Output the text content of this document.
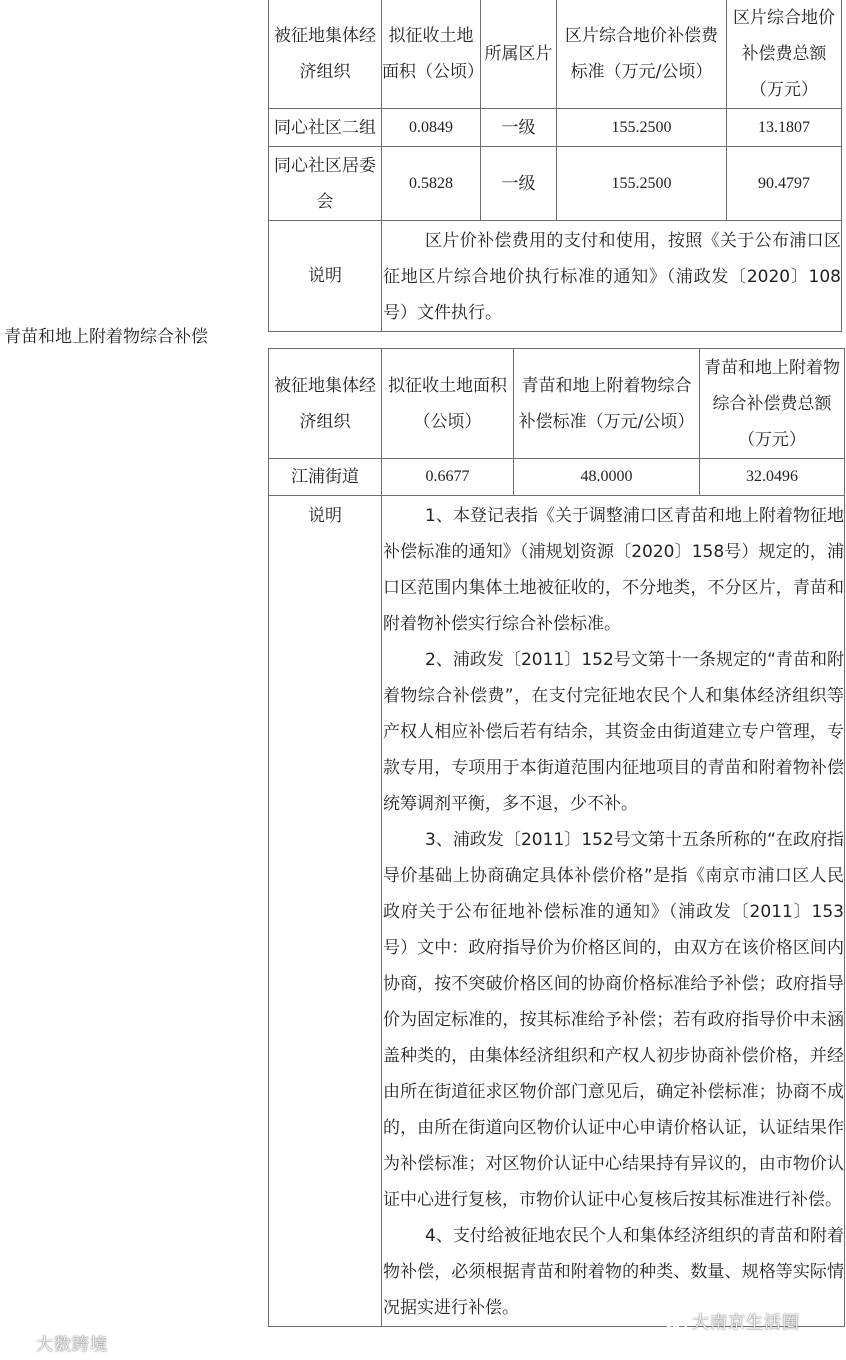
青苗和地上附着物综合补偿
被征地集体经济组织	拟征收土地面积（公顷）	所属区片	区片综合地价补偿费标准（万元/公顷）	区片综合地价补偿费总额（万元）
同心社区二组	0.0849	一级	155.2500	13.1807
同心社区居委会	0.5828	一级	155.2500	90.4797
说明	区片价补偿费用的支付和使用，按照《关于公布浦口区征地区片综合地价执行标准的通知》（浦政发〔2020〕108号）文件执行。			
被征地集体经济组织	拟征收土地面积（公顷）	青苗和地上附着物综合补偿标准（万元/公顷）	青苗和地上附着物综合补偿费总额（万元）
江浦街道	0.6677	48.0000	32.0496
说明	1、本登记表指《关于调整浦口区青苗和地上附着物征地补偿标准的通知》（浦规划资源〔2020〕158号）规定的，浦口区范围内集体土地被征收的，不分地类，不分区片，青苗和附着物补偿实行综合补偿标准。
2、浦政发〔2011〕152号文第十一条规定的“青苗和附着物综合补偿费”，在支付完征地农民个人和集体经济组织等产权人相应补偿后若有结余，其资金由街道建立专户管理，专款专用，专项用于本街道范围内征地项目的青苗和附着物补偿统筹调剂平衡，多不退，少不补。
3、浦政发〔2011〕152号文第十五条所称的“在政府指导价基础上协商确定具体补偿价格”是指《南京市浦口区人民政府关于公布征地补偿标准的通知》（浦政发〔2011〕153号）文中：政府指导价为价格区间的，由双方在该价格区间内协商，按不突破价格区间的协商价格标准给予补偿；政府指导价为固定标准的，按其标准给予补偿；若有政府指导价中未涵盖种类的，由集体经济组织和产权人初步协商补偿价格，并经由所在街道征求区物价部门意见后，确定补偿标准；协商不成的，由所在街道向区物价认证中心申请价格认证，认证结果作为补偿标准；对区物价认证中心结果持有异议的，由市物价认证中心进行复核，市物价认证中心复核后按其标准进行补偿。
4、支付给被征地农民个人和集体经济组织的青苗和附着物补偿，必须根据青苗和附着物的种类、数量、规格等实际情况据实进行补偿。		
大数跨境
大南京生活圈
